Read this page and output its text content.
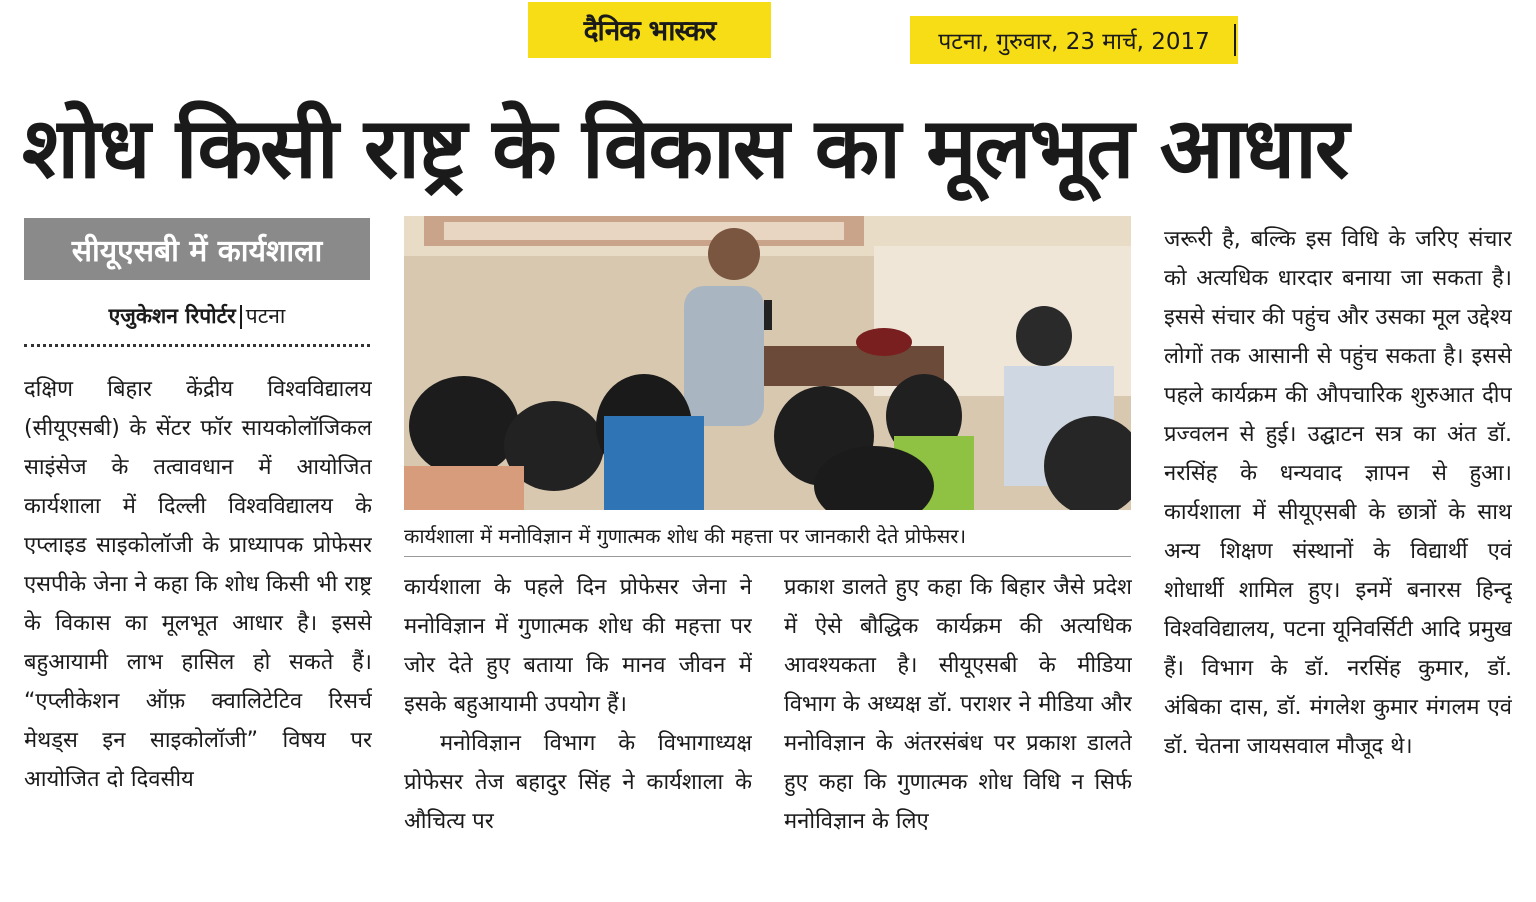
दैनिक भास्कर	पटना, गुरुवार, 23 मार्च, 2017
शोध किसी राष्ट्र के विकास का मूलभूत आधार
सीयूएसबी में कार्यशाला
एजुकेशन रिपोर्टर पटना

दक्षिण बिहार केंद्रीय विश्वविद्यालय (सीयूएसबी) के सेंटर फॉर सायकोलॉजिकल साइंसेज के तत्वावधान में आयोजित कार्यशाला में दिल्ली विश्वविद्यालय के एप्लाइड साइकोलॉजी के प्राध्यापक प्रोफेसर एसपीके जेना ने कहा कि शोध किसी भी राष्ट्र के विकास का मूलभूत आधार है। इससे बहुआयामी लाभ हासिल हो सकते हैं। “एप्लीकेशन ऑफ़ क्वालिटेटिव रिसर्च मेथड्स इन साइकोलॉजी” विषय पर आयोजित दो दिवसीय

कार्यशाला में मनोविज्ञान में गुणात्मक शोध की महत्ता पर जानकारी देते प्रोफेसर।

कार्यशाला के पहले दिन प्रोफेसर जेना ने मनोविज्ञान में गुणात्मक शोध की महत्ता पर जोर देते हुए बताया कि मानव जीवन में इसके बहुआयामी उपयोग हैं।

मनोविज्ञान विभाग के विभागाध्यक्ष प्रोफेसर तेज बहादुर सिंह ने कार्यशाला के औचित्य पर

प्रकाश डालते हुए कहा कि बिहार जैसे प्रदेश में ऐसे बौद्धिक कार्यक्रम की अत्यधिक आवश्यकता है। सीयूएसबी के मीडिया विभाग के अध्यक्ष डॉ. पराशर ने मीडिया और मनोविज्ञान के अंतरसंबंध पर प्रकाश डालते हुए कहा कि गुणात्मक शोध विधि न सिर्फ मनोविज्ञान के लिए

जरूरी है, बल्कि इस विधि के जरिए संचार को अत्यधिक धारदार बनाया जा सकता है। इससे संचार की पहुंच और उसका मूल उद्देश्य लोगों तक आसानी से पहुंच सकता है। इससे पहले कार्यक्रम की औपचारिक शुरुआत दीप प्रज्वलन से हुई। उद्घाटन सत्र का अंत डॉ. नरसिंह के धन्यवाद ज्ञापन से हुआ। कार्यशाला में सीयूएसबी के छात्रों के साथ अन्य शिक्षण संस्थानों के विद्यार्थी एवं शोधार्थी शामिल हुए। इनमें बनारस हिन्दू विश्वविद्यालय, पटना यूनिवर्सिटी आदि प्रमुख हैं। विभाग के डॉ. नरसिंह कुमार, डॉ. अंबिका दास, डॉ. मंगलेश कुमार मंगलम एवं डॉ. चेतना जायसवाल मौजूद थे।
